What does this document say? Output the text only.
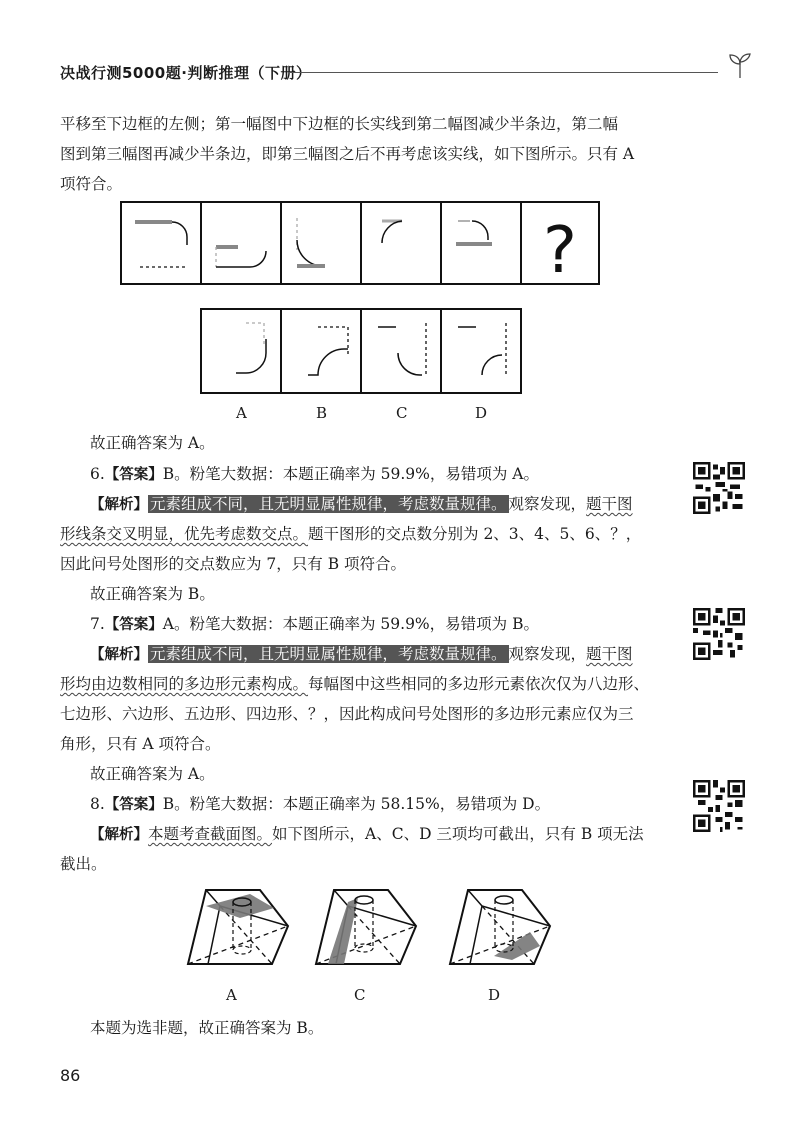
决战行测5000题·判断推理（下册）
平移至下边框的左侧；第一幅图中下边框的长实线到第二幅图减少半条边，第二幅
图到第三幅图再减少半条边，即第三幅图之后不再考虑该实线，如下图所示。只有 A
项符合。
?
A	B	C	D
故正确答案为 A。
6.【答案】B。粉笔大数据：本题正确率为 59.9%，易错项为 A。
【解析】 元素组成不同，且无明显属性规律，考虑数量规律。 观察发现，题干图
形线条交叉明显，优先考虑数交点。题干图形的交点数分别为 2、3、4、5、6、？，
因此问号处图形的交点数应为 7，只有 B 项符合。
故正确答案为 B。
7.【答案】A。粉笔大数据：本题正确率为 59.9%，易错项为 B。
【解析】 元素组成不同，且无明显属性规律，考虑数量规律。 观察发现，题干图
形均由边数相同的多边形元素构成。每幅图中这些相同的多边形元素依次仅为八边形、
七边形、六边形、五边形、四边形、？，因此构成问号处图形的多边形元素应仅为三
角形，只有 A 项符合。
故正确答案为 A。
8.【答案】B。粉笔大数据：本题正确率为 58.15%，易错项为 D。
【解析】本题考查截面图。如下图所示，A、C、D 三项均可截出，只有 B 项无法
截出。
A	C	D
本题为选非题，故正确答案为 B。
86
